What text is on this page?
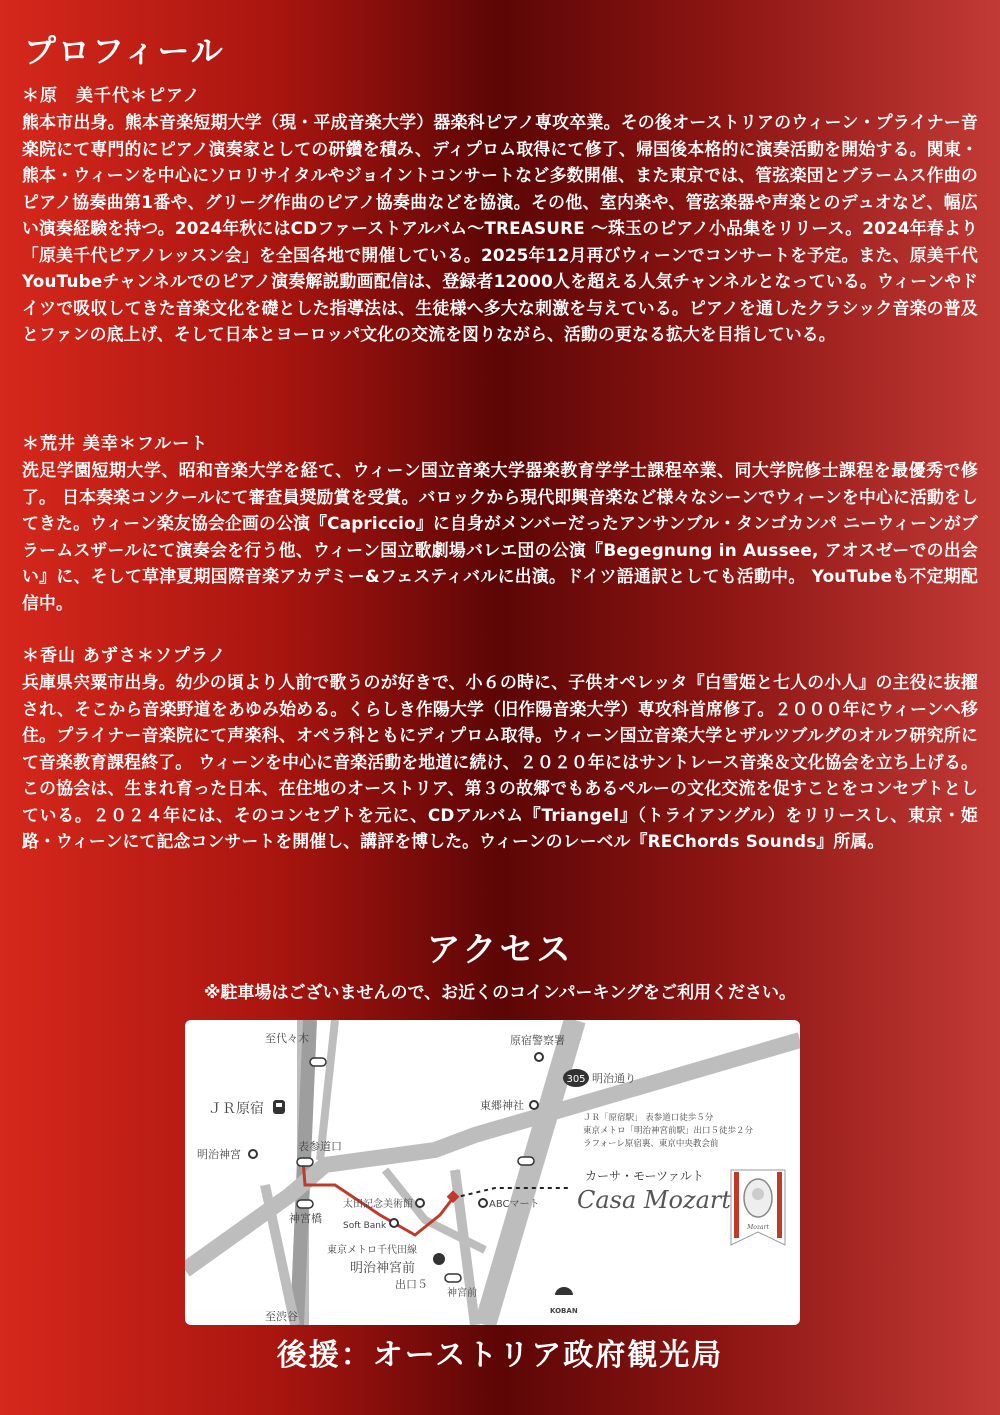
プロフィール
＊原　美千代＊ピアノ
熊本市出身。熊本音楽短期大学（現・平成音楽大学）器楽科ピアノ専攻卒業。その後オーストリアのウィーン・プライナー音楽院にて専門的にピアノ演奏家としての研鑽を積み、ディプロム取得にて修了、帰国後本格的に演奏活動を開始する。関東・熊本・ウィーンを中心にソロリサイタルやジョイントコンサートなど多数開催、また東京では、管弦楽団とブラームス作曲のピアノ協奏曲第1番や、グリーグ作曲のピアノ協奏曲などを協演。その他、室内楽や、管弦楽器や声楽とのデュオなど、幅広い演奏経験を持つ。2024年秋にはCDファーストアルバム〜TREASURE 〜珠玉のピアノ小品集をリリース。2024年春より「原美千代ピアノレッスン会」を全国各地で開催している。2025年12月再びウィーンでコンサートを予定。また、原美千代YouTubeチャンネルでのピアノ演奏解説動画配信は、登録者12000人を超える人気チャンネルとなっている。ウィーンやドイツで吸収してきた音楽文化を礎とした指導法は、生徒様へ多大な刺激を与えている。ピアノを通したクラシック音楽の普及とファンの底上げ、そして日本とヨーロッパ文化の交流を図りながら、活動の更なる拡大を目指している。
＊荒井 美幸＊フルート
洗足学園短期大学、昭和音楽大学を経て、ウィーン国立音楽大学器楽教育学学士課程卒業、同大学院修士課程を最優秀で修了。 日本奏楽コンクールにて審査員奨励賞を受賞。バロックから現代即興音楽など様々なシーンでウィーンを中心に活動をしてきた。ウィーン楽友協会企画の公演『Capriccio』に自身がメンバーだったアンサンブル・タンゴカンパ ニーウィーンがブラームスザールにて演奏会を行う他、ウィーン国立歌劇場バレエ団の公演『Begegnung in Aussee, アオスゼーでの出会い』に、そして草津夏期国際音楽アカデミー&フェスティバルに出演。ドイツ語通訳としても活動中。 YouTubeも不定期配信中。
＊香山 あずさ＊ソプラノ
兵庫県宍粟市出身。幼少の頃より人前で歌うのが好きで、小６の時に、子供オペレッタ『白雪姫と七人の小人』の主役に抜擢され、そこから音楽野道をあゆみ始める。くらしき作陽大学（旧作陽音楽大学）専攻科首席修了。２０００年にウィーンへ移住。プライナー音楽院にて声楽科、オペラ科ともにディプロム取得。ウィーン国立音楽大学とザルツブルグのオルフ研究所にて音楽教育課程終了。 ウィーンを中心に音楽活動を地道に続け、２０２０年にはサントレース音楽＆文化協会を立ち上げる。この協会は、生まれ育った日本、在住地のオーストリア、第３の故郷でもあるペルーの文化交流を促すことをコンセプトとしている。２０２４年には、そのコンセプトを元に、CDアルバム『Triangel』（トライアングル）をリリースし、東京・姫路・ウィーンにて記念コンサートを開催し、講評を博した。ウィーンのレーベル『REChords Sounds』所属。
アクセス
※駐車場はございませんので、お近くのコインパーキングをご利用ください。
305
至代々木
至渋谷
ＪＲ原宿
明治神宮
表参道口
神宮橋
太田記念美術館
Soft Bank
東京メトロ千代田線
明治神宮前
出口５
神宮前
原宿警察署
明治通り
東郷神社
ABCマート
KOBAN
ＪＲ「原宿駅」 表参道口徒歩５分
東京メトロ「明治神宮前駅」出口５徒歩２分
ラフォーレ原宿裏、東京中央教会前
カーサ・モーツァルト
Casa Mozart
Mozart
後援：オーストリア政府観光局
